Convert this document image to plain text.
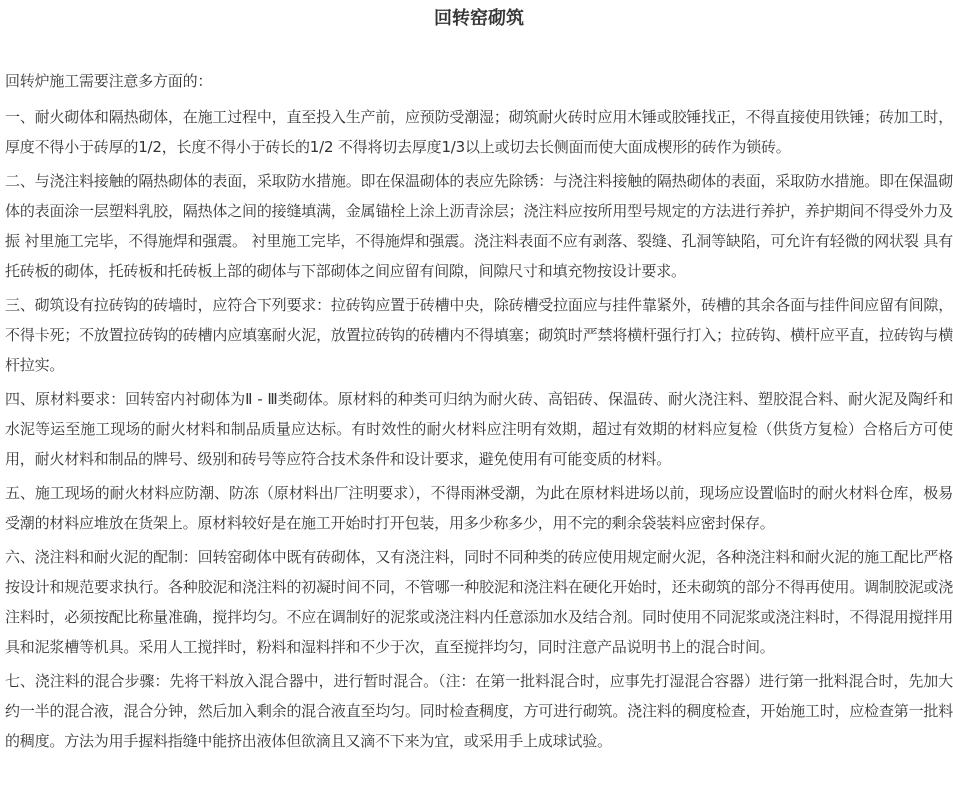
回转窑砌筑

回转炉施工需要注意多方面的：

一、耐火砌体和隔热砌体，在施工过程中，直至投入生产前，应预防受潮湿；砌筑耐火砖时应用木锤或胶锤找正，不得直接使用铁锤；砖加工时，厚度不得小于砖厚的1/2，长度不得小于砖长的1/2 不得将切去厚度1/3以上或切去长侧面而使大面成楔形的砖作为锁砖。

二、与浇注料接触的隔热砌体的表面，采取防水措施。即在保温砌体的表应先除锈：与浇注料接触的隔热砌体的表面，采取防水措施。即在保温砌体的表面涂一层塑料乳胶，隔热体之间的接缝填满，金属锚栓上涂上沥青涂层；浇注料应按所用型号规定的方法进行养护，养护期间不得受外力及振 衬里施工完毕，不得施焊和强震。 衬里施工完毕，不得施焊和强震。浇注料表面不应有剥落、裂缝、孔洞等缺陷，可允许有轻微的网状裂 具有托砖板的砌体，托砖板和托砖板上部的砌体与下部砌体之间应留有间隙，间隙尺寸和填充物按设计要求。

三、砌筑设有拉砖钩的砖墙时，应符合下列要求：拉砖钩应置于砖槽中央，除砖槽受拉面应与挂件靠紧外，砖槽的其余各面与挂件间应留有间隙，不得卡死；不放置拉砖钩的砖槽内应填塞耐火泥，放置拉砖钩的砖槽内不得填塞；砌筑时严禁将横杆强行打入；拉砖钩、横杆应平直，拉砖钩与横杆拉实。

四、原材料要求：回转窑内衬砌体为Ⅱ - Ⅲ类砌体。原材料的种类可归纳为耐火砖、高铝砖、保温砖、耐火浇注料、塑胶混合料、耐火泥及陶纤和水泥等运至施工现场的耐火材料和制品质量应达标。有时效性的耐火材料应注明有效期，超过有效期的材料应复检（供货方复检）合格后方可使用，耐火材料和制品的牌号、级别和砖号等应符合技术条件和设计要求，避免使用有可能变质的材料。

五、施工现场的耐火材料应防潮、防冻（原材料出厂注明要求），不得雨淋受潮，为此在原材料进场以前，现场应设置临时的耐火材料仓库，极易受潮的材料应堆放在货架上。原材料较好是在施工开始时打开包装，用多少称多少，用不完的剩余袋装料应密封保存。

六、浇注料和耐火泥的配制：回转窑砌体中既有砖砌体，又有浇注料，同时不同种类的砖应使用规定耐火泥，各种浇注料和耐火泥的施工配比严格按设计和规范要求执行。各种胶泥和浇注料的初凝时间不同，不管哪一种胶泥和浇注料在硬化开始时，还未砌筑的部分不得再使用。调制胶泥或浇注料时，必须按配比称量准确，搅拌均匀。不应在调制好的泥浆或浇注料内任意添加水及结合剂。同时使用不同泥浆或浇注料时，不得混用搅拌用具和泥浆槽等机具。采用人工搅拌时，粉料和湿料拌和不少于次，直至搅拌均匀，同时注意产品说明书上的混合时间。

七、浇注料的混合步骤：先将干料放入混合器中，进行暂时混合。（注：在第一批料混合时，应事先打湿混合容器）进行第一批料混合时，先加大约一半的混合液，混合分钟，然后加入剩余的混合液直至均匀。同时检查稠度，方可进行砌筑。浇注料的稠度检查，开始施工时，应检查第一批料的稠度。方法为用手握料指缝中能挤出液体但欲滴且又滴不下来为宜，或采用手上成球试验。
